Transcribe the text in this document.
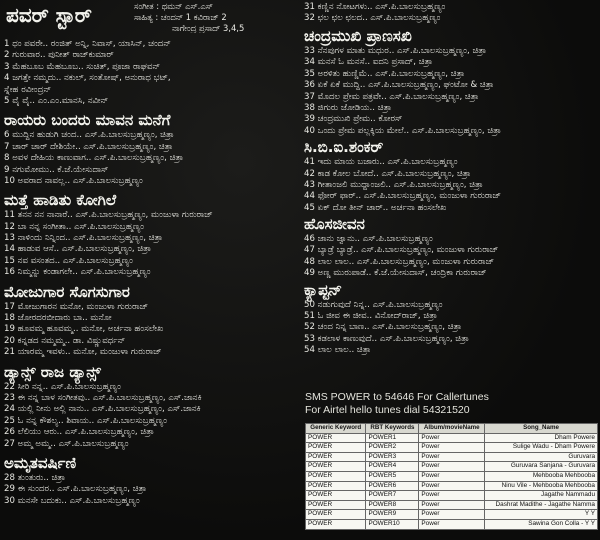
ಪವರ್ ಸ್ಟಾರ್	ಸಂಗೀತ : ಥಮನ್ ಎಸ್.ಎಸ್
ಸಾಹಿತ್ಯ : ಚಂದನ್ 1 ಕವಿರಾಜ್ 2
ನಾಗೇಂದ್ರ ಪ್ರಸಾದ್ 3,4,5
1 ಧಂ ಪವರೇ.. ರಂಜಿತ್ ಅನ್ನಿ, ನಿವಾಸ್, ಯಾಸಿನ್, ಚಂದನ್
2 ಗುರುವಾರ.. ಪುನೀತ್ ರಾಜ್‌ಕುಮಾರ್
3 ಮೆಹಬೂಬ ಮೆಹಬೂಬ.. ಸುಚಿತ್, ಪೂಜಾ ರಾಘವನ್
4 ಜಗತ್ತೇ ನಮ್ಮದು.. ನಕುಲ್, ಸಂತೋಷ್, ಅನುರಾಧ ಭಟ್,
ಸ್ನೇಹ ರವೀಂದ್ರನ್
5 ವೈ ವೈ.. ಎಂ.ಎಂ.ಮಾನಸಿ, ನವೀನ್
ರಾಯರು ಬಂದರು ಮಾವನ ಮನೆಗೆ
6 ಮುದ್ದಿನ ಹುಡುಗಿ ಚಂದ.. ಎಸ್.ಪಿ.ಬಾಲಸುಬ್ರಹ್ಮಣ್ಯಂ, ಚಿತ್ರಾ
7 ಚಾರ್ ಚಾರ್ ದೇಶಿಯೇ.. ಎಸ್.ಪಿ.ಬಾಲಸುಬ್ರಹ್ಮಣ್ಯಂ, ಚಿತ್ರಾ
8 ಅವಳ ದೇಹಿಯ ಕಾಣುವಾಗ.. ಎಸ್.ಪಿ.ಬಾಲಸುಬ್ರಹ್ಮಣ್ಯಂ, ಚಿತ್ರಾ
9 ನಗುಮೋಮು.. ಕೆ.ಜೆ.ಯೇಸುದಾಸ್
10 ಅವರಾದ ನಾವಲ್ಲ.. ಎಸ್.ಪಿ.ಬಾಲಸುಬ್ರಹ್ಮಣ್ಯಂ
ಮತ್ತೆ ಹಾಡಿತು ಕೋಗಿಲೆ
11 ತನನ ನನ ನಾನಾರೆ.. ಎಸ್.ಪಿ.ಬಾಲಸುಬ್ರಹ್ಮಣ್ಯಂ, ಮಂಜುಳಾ ಗುರುರಾಜ್
12 ಬಾ ನನ್ನ ಸಂಗೀತಾ.. ಎಸ್.ಪಿ.ಬಾಲಸುಬ್ರಹ್ಮಣ್ಯಂ
13 ನಾಳಿಂದು ನಿನ್ನಿಂದ.. ಎಸ್.ಪಿ.ಬಾಲಸುಬ್ರಹ್ಮಣ್ಯಂ, ಚಿತ್ರಾ
14 ಹಾಡುವ ಆಸೆ.. ಎಸ್.ಪಿ.ಬಾಲಸುಬ್ರಹ್ಮಣ್ಯಂ, ಚಿತ್ರಾ
15 ನವ ವಸಂತದ.. ಎಸ್.ಪಿ.ಬಾಲಸುಬ್ರಹ್ಮಣ್ಯಂ
16 ನಿಮ್ಮನ್ನು ಕಂಡಾಗಲೇ.. ಎಸ್.ಪಿ.ಬಾಲಸುಬ್ರಹ್ಮಣ್ಯಂ
ಮೋಜುಗಾರ ಸೊಗಸುಗಾರ
17 ಮೋಜುಗಾರನ ಮನೋ, ಮಂಜುಳಾ ಗುರುರಾಜ್
18 ಜೋರದರಬೀದಾರು ಬಾ.. ಮನೋ
19 ಹೂವಮ್ಮ ಹೂವಮ್ಮ.. ಮನೋ, ಅರ್ಚನಾ ಹಂಸಲೇಖ
20 ಕನ್ನಡದ ನಮ್ಮಮ್ಮ.. ಡಾ. ವಿಷ್ಣುವರ್ಧನ್
21 ಯಾರಮ್ಮ ಇವಳು.. ಮನೋ, ಮಂಜುಳಾ ಗುರುರಾಜ್
ಡ್ಯಾನ್ಸ್ ರಾಜ ಡ್ಯಾನ್ಸ್
22 ಸೀರಿ ನನ್ನ.. ಎಸ್.ಪಿ.ಬಾಲಸುಬ್ರಹ್ಮಣ್ಯಂ
23 ಈ ನನ್ನ ಬಾಳ ಸಂಗೀತವು.. ಎಸ್.ಪಿ.ಬಾಲಸುಬ್ರಹ್ಮಣ್ಯಂ, ಎಸ್.ಜಾನಕಿ
24 ಯಲ್ಲಿ ನೀನು ಅಲ್ಲಿ ನಾನು.. ಎಸ್.ಪಿ.ಬಾಲಸುಬ್ರಹ್ಮಣ್ಯಂ, ಎಸ್.ಜಾನಕಿ
25 ಓ ನನ್ನ ಕೌಶಲ್ಯ.. ಶಿವಾಯ.. ಎಸ್.ಪಿ.ಬಾಲಸುಬ್ರಹ್ಮಣ್ಯಂ
26 ಲೆಲಿಯು ಆರು.. ಎಸ್.ಪಿ.ಬಾಲಸುಬ್ರಹ್ಮಣ್ಯಂ, ಚಿತ್ರಾ
27 ಅಮ್ಮ ಅಮ್ಮ.. ಎಸ್.ಪಿ.ಬಾಲಸುಬ್ರಹ್ಮಣ್ಯಂ
ಅಮೃತವರ್ಷಿಣಿ
28 ತುಂತುರು.. ಚಿತ್ರಾ
29 ಈ ಸುಂದರ.. ಎಸ್.ಪಿ.ಬಾಲಸುಬ್ರಹ್ಮಣ್ಯಂ, ಚಿತ್ರಾ
30 ಮನಸೇ ಬದುಕು.. ಎಸ್.ಪಿ.ಬಾಲಸುಬ್ರಹ್ಮಣ್ಯಂ
31 ಕಣ್ಣಿನ ನೋಟಗಳು.. ಎಸ್.ಪಿ.ಬಾಲಸುಬ್ರಹ್ಮಣ್ಯಂ
32 ಛಲ ಛಲ ಛಲದ.. ಎಸ್.ಪಿ.ಬಾಲಸುಬ್ರಹ್ಮಣ್ಯಂ
ಚಂದ್ರಮುಖಿ ಪ್ರಾಣಸಖಿ
33 ನೆನಪುಗಳ ಮಾತು ಮಧುರ.. ಎಸ್.ಪಿ.ಬಾಲಸುಬ್ರಹ್ಮಣ್ಯಂ, ಚಿತ್ರಾ
34 ಮನಸೆ ಓ ಮನಸೆ.. ಐದನಿ ಪ್ರಸಾದ್, ಚಿತ್ರಾ
35 ಅರಳಿತು ಹುಣ್ಣಿಮೆ.. ಎಸ್.ಪಿ.ಬಾಲಸುಬ್ರಹ್ಮಣ್ಯಂ, ಚಿತ್ರಾ
36 ಏಕೆ ಏಕೆ ಮುದ್ದಿ.. ಎಸ್.ಪಿ.ಬಾಲಸುಬ್ರಹ್ಮಣ್ಯಂ, ಘಂಟೋ & ಚಿತ್ರಾ
37 ಮೊದಲ ಪ್ರೇಮ ಪತ್ರವೇ.. ಎಸ್.ಪಿ.ಬಾಲಸುಬ್ರಹ್ಮಣ್ಯಂ, ಚಿತ್ರಾ
38 ಜಿಗುರು ಜೋಡಿಯ.. ಚಿತ್ರಾ
39 ಚಂದ್ರಮುಖಿ ಪ್ರೇಮ.. ಕೋರಸ್
40 ಒಂದು ಪ್ರೇಮ ಪಲ್ಲಕ್ಕಿಯ ಮೇಲೆ.. ಎಸ್.ಪಿ.ಬಾಲಸುಬ್ರಹ್ಮಣ್ಯಂ, ಚಿತ್ರಾ
ಸಿ.ಬಿ.ಐ.ಶಂಕರ್
41 ಇದು ಮಾಯ ಬಜಾರು.. ಎಸ್.ಪಿ.ಬಾಲಸುಬ್ರಹ್ಮಣ್ಯಂ
42 ಕಾಡ ಕೋಲ ಬೋದೆ.. ಎಸ್.ಪಿ.ಬಾಲಸುಬ್ರಹ್ಮಣ್ಯಂ, ಚಿತ್ರಾ
43 ಗೀತಾಂಜಲಿ ಮುಧ್ದಾಂಜಲಿ.. ಎಸ್.ಪಿ.ಬಾಲಸುಬ್ರಹ್ಮಣ್ಯಂ, ಚಿತ್ರಾ
44 ಫೋರ್ ಫಾರ್.. ಎಸ್.ಪಿ.ಬಾಲಸುಬ್ರಹ್ಮಣ್ಯಂ, ಮಂಜುಳಾ ಗುರುರಾಜ್
45 ಏಕ್ ದೋ ತೀನ್ ಚಾರ್.. ಅರ್ಚನಾ ಹಂಸಲೇಖ
ಹೊಸಜೀವನ
46 ಜಾನು ಜ್ವಾನು.. ಎಸ್.ಪಿ.ಬಾಲಸುಬ್ರಹ್ಮಣ್ಯಂ
47 ಬ್ಯಾಡ್ರೆ ಬ್ಯಾಡ್ರೆ.. ಎಸ್.ಪಿ.ಬಾಲಸುಬ್ರಹ್ಮಣ್ಯಂ, ಮಂಜುಳಾ ಗುರುರಾಜ್
48 ಲಾಲ ಲಾಲ.. ಎಸ್.ಪಿ.ಬಾಲಸುಬ್ರಹ್ಮಣ್ಯಂ, ಮಂಜುಳಾ ಗುರುರಾಜ್
49 ಅಣ್ಣ ಮುರುಪಾಡೆ.. ಕೆ.ಜೆ.ಯೇಸುದಾಸ್, ಚಂದ್ರಿಕಾ ಗುರುರಾಜ್
ಕ್ಯಾಪ್ಟನ್
50 ನಡುಗುವುದೆ ನಿನ್ನ.. ಎಸ್.ಪಿ.ಬಾಲಸುಬ್ರಹ್ಮಣ್ಯಂ
51 ಓ ಜೀವ ಈ ಜೀವ.. ವಿನೋದ್‌ರಾಜ್, ಚಿತ್ರಾ
52 ಚಂದ ನಿನ್ನ ಬಾಣ.. ಎಸ್.ಪಿ.ಬಾಲಸುಬ್ರಹ್ಮಣ್ಯಂ, ಚಿತ್ರಾ
53 ಕಡಲಾಳ ಕಾಣುವುದೆ.. ಎಸ್.ಪಿ.ಬಾಲಸುಬ್ರಹ್ಮಣ್ಯಂ, ಚಿತ್ರಾ
54 ಲಾಲ ಲಾಲ.. ಚಿತ್ರಾ
SMS POWER to 54646 For Callertunes
For Airtel hello tunes dial 54321520
Generic Keyword	RBT Keywords	Album/movieName	Song_Name
POWER	POWER1	Power	Dham Powere
POWER	POWER2	Power	Sulige Wadu - Dham Powere
POWER	POWER3	Power	Guruvara
POWER	POWER4	Power	Guruvara Sanjana - Guruvara
POWER	POWER5	Power	Mehbooba Mehbooba
POWER	POWER6	Power	Ninu Vile - Mehbooba Mehbooba
POWER	POWER7	Power	Jagathe Nammadu
POWER	POWER8	Power	Dashrat Madithe - Jagathe Namma
POWER	POWER9	Power	Y Y
POWER	POWER10	Power	Sawina Gon Colla - Y Y
